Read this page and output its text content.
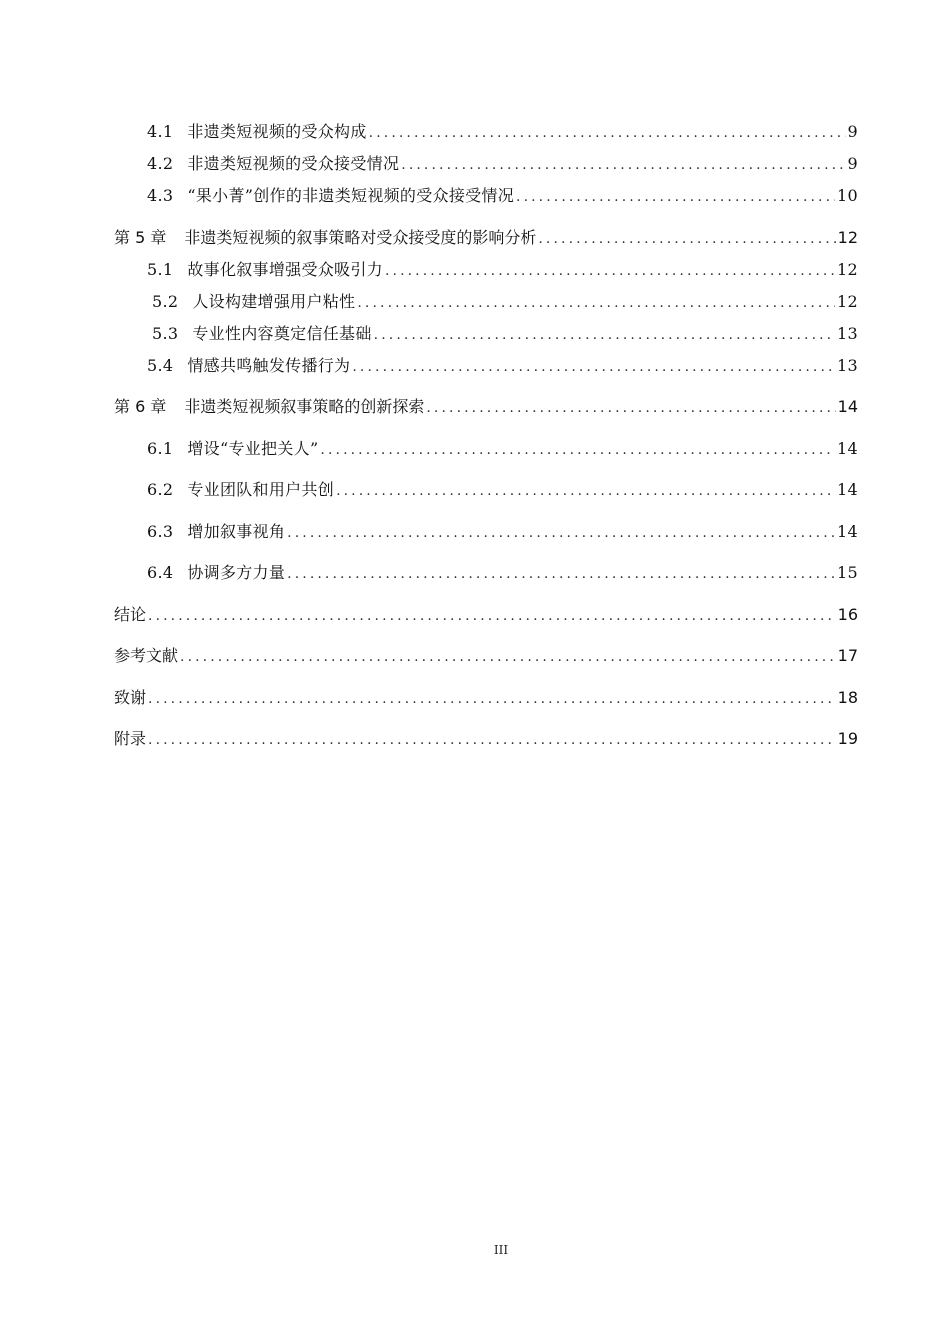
4.1 非遗类短视频的受众构成 .....	9
4.2 非遗类短视频的受众接受情况 .....	9
4.3 “果小菁”创作的非遗类短视频的受众接受情况 .....	10
第 5 章 非遗类短视频的叙事策略对受众接受度的影响分析 .....	12
5.1 故事化叙事增强受众吸引力 .....	12
5.2 人设构建增强用户粘性 .....	12
5.3 专业性内容奠定信任基础 .....	13
5.4 情感共鸣触发传播行为 .....	13
第 6 章 非遗类短视频叙事策略的创新探索 .....	14
6.1 增设“专业把关人” .....	14
6.2 专业团队和用户共创 .....	14
6.3 增加叙事视角 .....	14
6.4 协调多方力量 .....	15
结论 .....	16
参考文献 .....	17
致谢 .....	18
附录 .....	19
III
